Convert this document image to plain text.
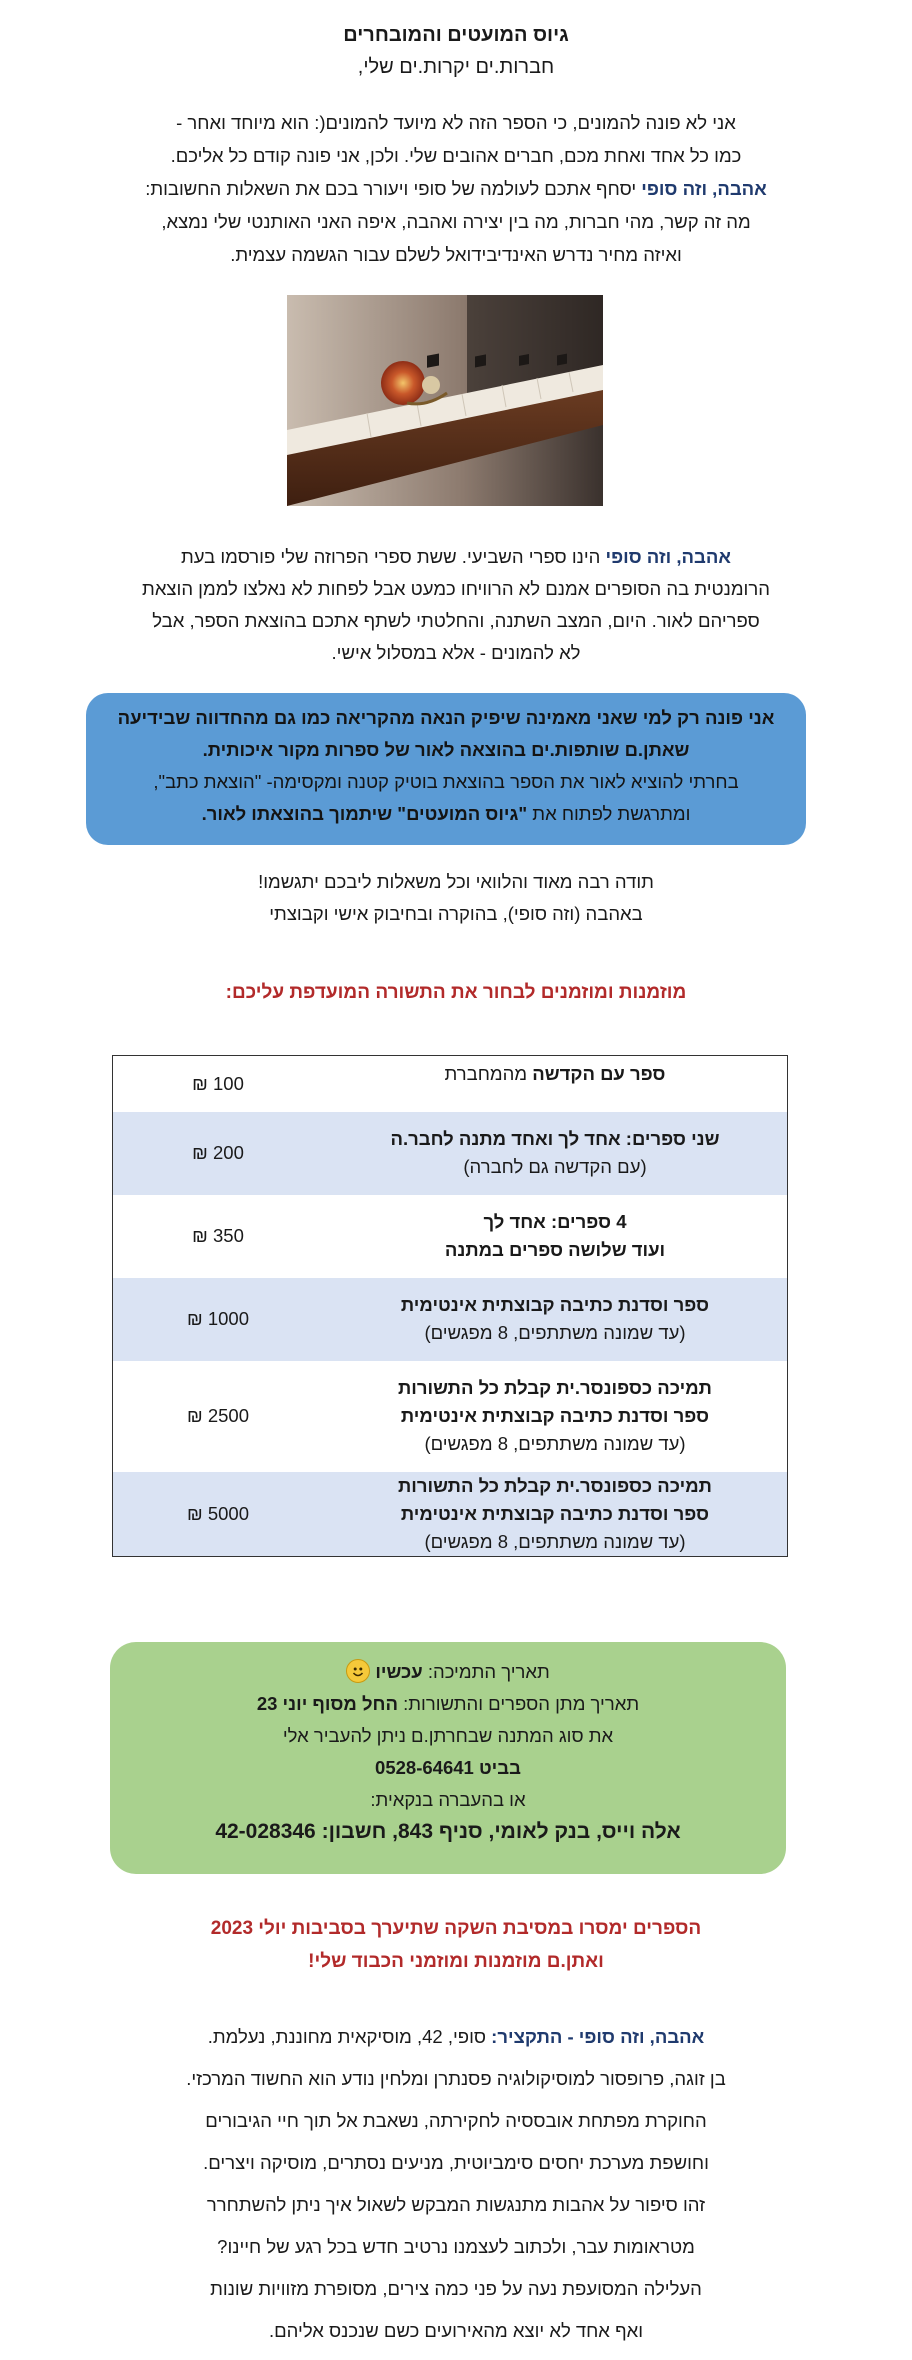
גיוס המועטים והמובחרים
חברות.ים יקרות.ים שלי,
אני לא פונה להמונים, כי הספר הזה לא מיועד להמונים(: הוא מיוחד ואחר -
כמו כל אחד ואחת מכם, חברים אהובים שלי. ולכן, אני פונה קודם כל אליכם.
אהבה, וזה סופי יסחף אתכם לעולמה של סופי ויעורר בכם את השאלות החשובות:
מה זה קשר, מהי חברות, מה בין יצירה ואהבה, איפה האני האותנטי שלי נמצא,
ואיזה מחיר נדרש האינדיבידואל לשלם עבור הגשמה עצמית.
אהבה, וזה סופי הינו ספרי השביעי. ששת ספרי הפרוזה שלי פורסמו בעת
הרומנטית בה הסופרים אמנם לא הרוויחו כמעט אבל לפחות לא נאלצו לממן הוצאת
ספריהם לאור. היום, המצב השתנה, והחלטתי לשתף אתכם בהוצאת הספר, אבל
לא להמונים - אלא במסלול אישי.
אני פונה רק למי שאני מאמינה שיפיק הנאה מהקריאה כמו גם מהחדווה שבידיעה
שאתן.ם שותפות.ים בהוצאה לאור של ספרות מקור איכותית.
בחרתי להוציא לאור את הספר בהוצאת בוטיק קטנה ומקסימה- "הוצאת כתב",
ומתרגשת לפתוח את "גיוס המועטים" שיתמוך בהוצאתו לאור.
תודה רבה מאוד והלוואי וכל משאלות ליבכם יתגשמו!
באהבה (וזה סופי), בהוקרה ובחיבוק אישי וקבוצתי
מוזמנות ומוזמנים לבחור את התשורה המועדפת עליכם:
ספר עם הקדשה מהמחברת	₪ 100

שני ספרים: אחד לך ואחד מתנה לחבר.ה
(עם הקדשה גם לחברה)	₪ 200

4 ספרים: אחד לך
ועוד שלושה ספרים במתנה	₪ 350

ספר וסדנת כתיבה קבוצתית אינטימית
(עד שמונה משתתפים, 8 מפגשים)	₪ 1000

תמיכה כספונסר.ית קבלת כל התשורות
ספר וסדנת כתיבה קבוצתית אינטימית
(עד שמונה משתתפים, 8 מפגשים)	₪ 2500

תמיכה כספונסר.ית קבלת כל התשורות
ספר וסדנת כתיבה קבוצתית אינטימית
(עד שמונה משתתפים, 8 מפגשים)	₪ 5000
תאריך התמיכה: עכשיו
תאריך מתן הספרים והתשורות: החל מסוף יוני 23
את סוג המתנה שבחרתן.ם ניתן להעביר אלי
בביט 0528-64641
או בהעברה בנקאית:
אלה וייס, בנק לאומי, סניף 843, חשבון: 42-028346
הספרים ימסרו במסיבת השקה שתיערך בסביבות יולי 2023
ואתן.ם מוזמנות ומוזמני הכבוד שלי!
אהבה, וזה סופי - התקציר: סופי, 42, מוסיקאית מחוננת, נעלמת.
בן זוגה, פרופסור למוסיקולוגיה פסנתרן ומלחין נודע הוא החשוד המרכזי.
החוקרת מפתחת אובססיה לחקירתה, נשאבת אל תוך חיי הגיבורים
וחושפת מערכת יחסים סימביוטית, מניעים נסתרים, מוסיקה ויצרים.
זהו סיפור על אהבות מתנגשות המבקש לשאול איך ניתן להשתחרר
מטראומות עבר, ולכתוב לעצמנו נרטיב חדש בכל רגע של חיינו?
העלילה המסועפת נעה על פני כמה צירים, מסופרת מזוויות שונות
ואף אחד לא יוצא מהאירועים כשם שנכנס אליהם.
